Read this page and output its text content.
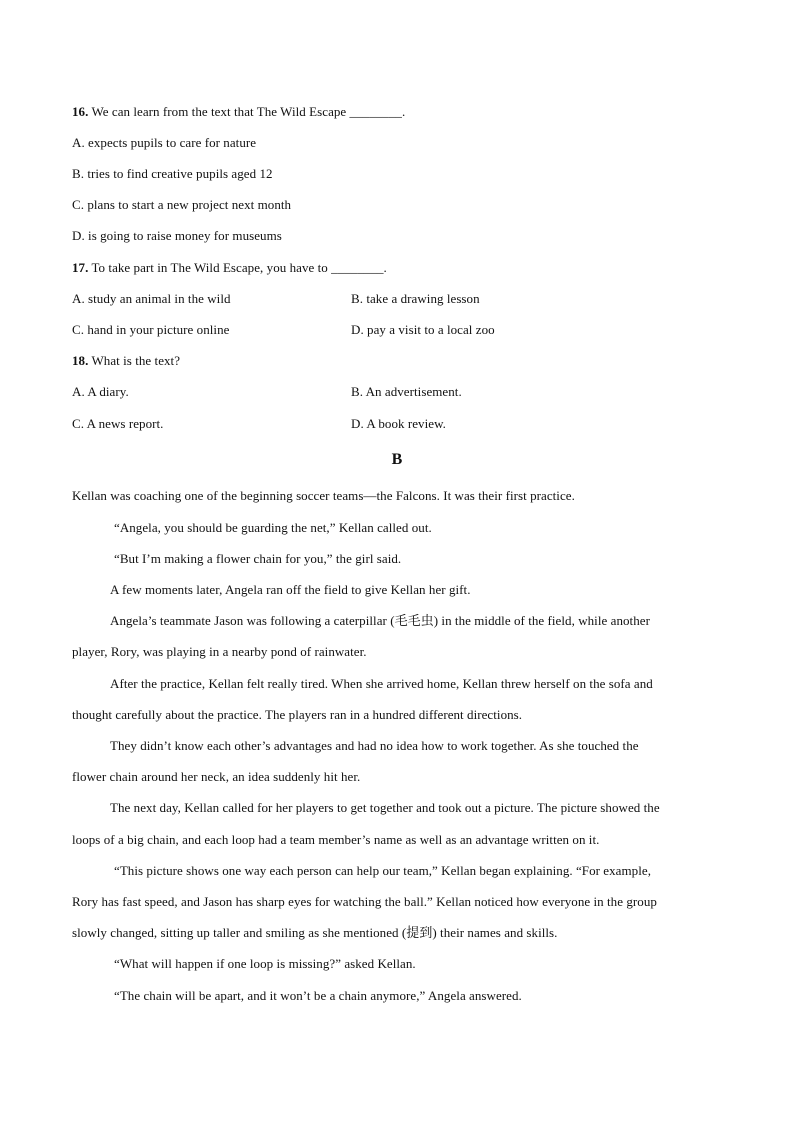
16. We can learn from the text that The Wild Escape ________.
A. expects pupils to care for nature
B. tries to find creative pupils aged 12
C. plans to start a new project next month
D. is going to raise money for museums
17. To take part in The Wild Escape, you have to ________.
A. study an animal in the wild	B. take a drawing lesson
C. hand in your picture online	D. pay a visit to a local zoo
18. What is the text?
A. A diary.	B. An advertisement.
C. A news report.	D. A book review.
B
Kellan was coaching one of the beginning soccer teams—the Falcons. It was their first practice.
“Angela, you should be guarding the net,” Kellan called out.
“But I’m making a flower chain for you,” the girl said.
A few moments later, Angela ran off the field to give Kellan her gift.
Angela’s teammate Jason was following a caterpillar (毛毛虫) in the middle of the field, while another
player, Rory, was playing in a nearby pond of rainwater.
After the practice, Kellan felt really tired. When she arrived home, Kellan threw herself on the sofa and
thought carefully about the practice. The players ran in a hundred different directions.
They didn’t know each other’s advantages and had no idea how to work together. As she touched the
flower chain around her neck, an idea suddenly hit her.
The next day, Kellan called for her players to get together and took out a picture. The picture showed the
loops of a big chain, and each loop had a team member’s name as well as an advantage written on it.
“This picture shows one way each person can help our team,” Kellan began explaining. “For example,
Rory has fast speed, and Jason has sharp eyes for watching the ball.” Kellan noticed how everyone in the group
slowly changed, sitting up taller and smiling as she mentioned (提到) their names and skills.
“What will happen if one loop is missing?” asked Kellan.
“The chain will be apart, and it won’t be a chain anymore,” Angela answered.
